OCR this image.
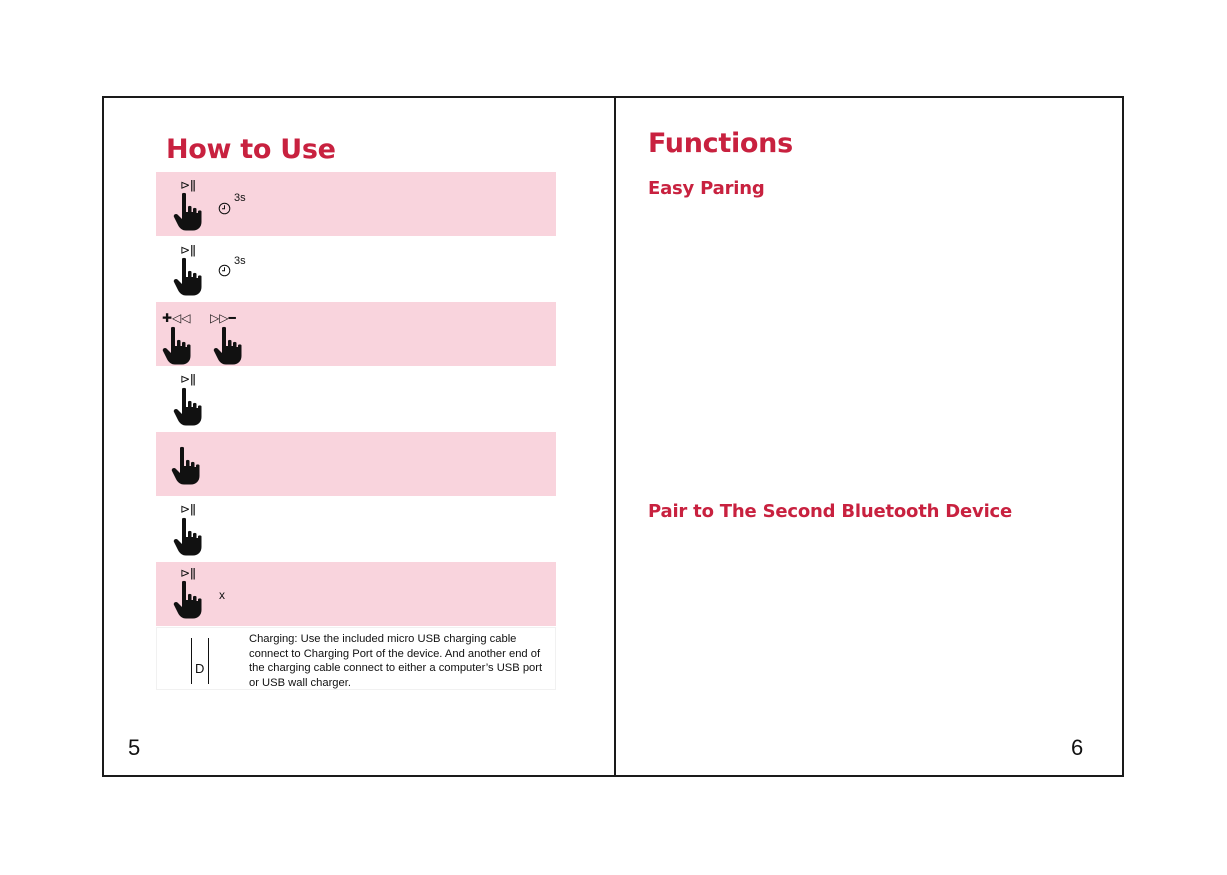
How to Use
⊳ǁ
3s
⊳ǁ
3s
✚◁◁ ▷▷━
⊳ǁ
⊳ǁ
⊳ǁ
x
D
Charging: Use the included micro USB charging cable connect to Charging Port of the device. And another end of the charging cable connect to either a computer’s USB port or USB wall charger.
5
Functions
Easy Paring
Pair to The Second Bluetooth Device
6
